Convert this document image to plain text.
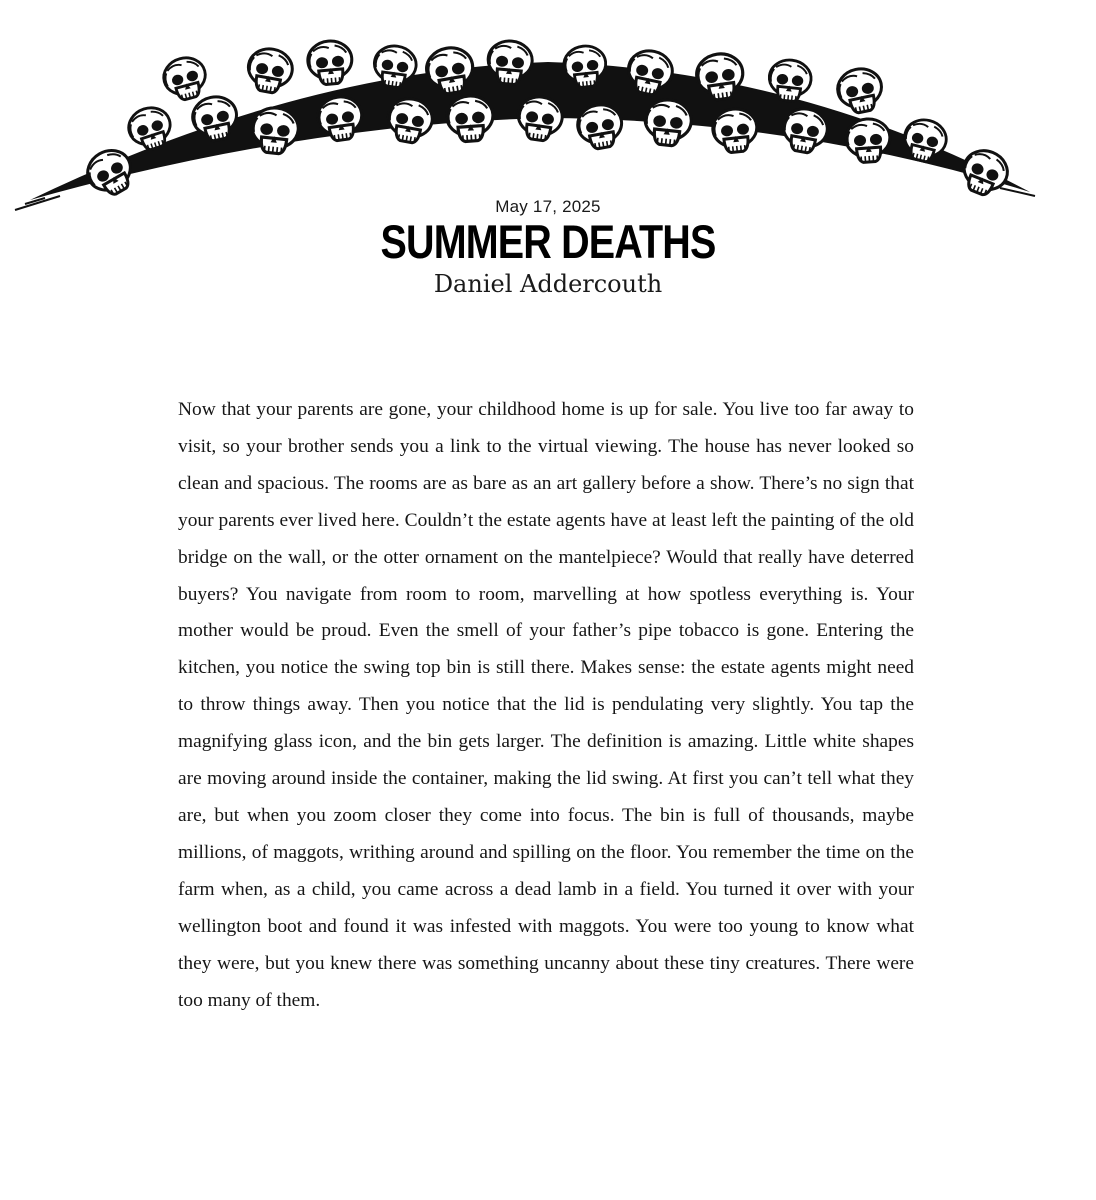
May 17, 2025
SUMMER DEATHS
Daniel Addercouth

Now that your parents are gone, your childhood home is up for sale. You live too far away to visit, so your brother sends you a link to the virtual viewing. The house has never looked so clean and spacious. The rooms are as bare as an art gallery before a show. There’s no sign that your parents ever lived here. Couldn’t the estate agents have at least left the painting of the old bridge on the wall, or the otter ornament on the mantelpiece? Would that really have deterred buyers? You navigate from room to room, marvelling at how spotless everything is. Your mother would be proud. Even the smell of your father’s pipe tobacco is gone. Entering the kitchen, you notice the swing top bin is still there. Makes sense: the estate agents might need to throw things away. Then you notice that the lid is pendulating very slightly. You tap the magnifying glass icon, and the bin gets larger. The definition is amazing. Little white shapes are moving around inside the container, making the lid swing. At first you can’t tell what they are, but when you zoom closer they come into focus. The bin is full of thousands, maybe millions, of maggots, writhing around and spilling on the floor. You remember the time on the farm when, as a child, you came across a dead lamb in a field. You turned it over with your wellington boot and found it was infested with maggots. You were too young to know what they were, but you knew there was something uncanny about these tiny creatures. There were too many of them.
